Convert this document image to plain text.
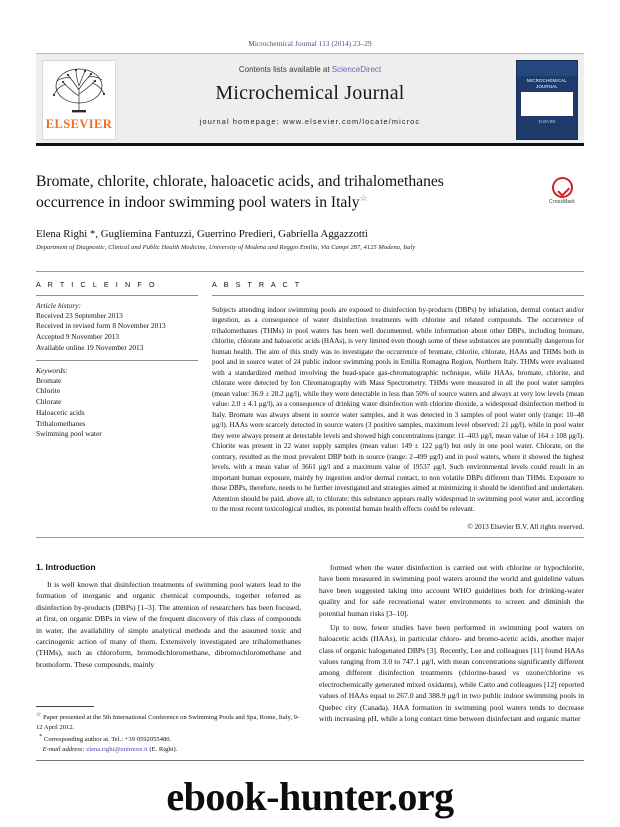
Microchemical Journal 113 (2014) 23–29
ELSEVIER
Contents lists available at ScienceDirect
Microchemical Journal
journal homepage: www.elsevier.com/locate/microc
MICROCHEMICAL JOURNAL
ELSEVIER
Bromate, chlorite, chlorate, haloacetic acids, and trihalomethanes
occurrence in indoor swimming pool waters in Italy☆	CrossMark
Elena Righi *, Gugliemina Fantuzzi, Guerrino Predieri, Gabriella Aggazzotti
Department of Diagnostic, Clinical and Public Health Medicine, University of Modena and Reggio Emilia, Via Campi 287, 4125 Modena, Italy
A R T I C L E I N F O
Article history:
Received 23 September 2013
Received in revised form 8 November 2013
Accepted 9 November 2013
Available online 19 November 2013
Keywords:
Bromate
Chlorite
Chlorate
Haloacetic acids
Trihalomethanes
Swimming pool water
A B S T R A C T
Subjects attending indoor swimming pools are exposed to disinfection by-products (DBPs) by inhalation, dermal contact and/or ingestion, as a consequence of water disinfection treatments with chlorine and related compounds. The occurrence of trihalomethanes (THMs) in pool waters has been well documented, while information about other DBPs, including bromate, chlorite, chlorate and haloacetic acids (HAAs), is very limited even though some of these substances are potentially dangerous for human health. The aim of this study was to investigate the occurrence of bromate, chlorite, chlorate, HAAs and THMs both in pool and in source water of 24 public indoor swimming pools in Emilia Romagna Region, Northern Italy. THMs were evaluated with a standardized method involving the head-space gas-chromatographic technique, while HAAs, bromate, chlorite, and chlorate were detected by Ion Chromatography with Mass Spectrometry. THMs were measured in all the pool water samples (mean value: 36.9 ± 28.2 μg/l), while they were detectable in less than 50% of source waters and always at very low levels (mean value: 2.0 ± 4.1 μg/l), as a consequence of drinking water disinfection with chlorine dioxide, a widespread disinfection method in Italy. Bromate was always absent in source water samples, and it was detected in 3 samples of pool water only (range: 10–48 μg/l). HAAs were scarcely detected in source waters (3 positive samples, maximum level observed: 21 μg/l), while in pool water they were always present at detectable levels and showed high concentrations (range: 11–403 μg/l, mean value of 164 ± 108 μg/l). Chlorite was present in 22 water supply samples (mean value: 149 ± 122 μg/l) but only in one pool water. Chlorate, on the contrary, resulted as the most prevalent DBP both in source (range: 2–499 μg/l) and in pool waters, where it showed the highest levels, with a mean value of 3661 μg/l and a maximum value of 19537 μg/l. Such environmental levels could result in an important human exposure, mainly by ingestion and/or dermal contact, to non volatile DBPs different than THMs. Exposure to those DBPs, therefore, needs to be further investigated and strategies aimed at minimizing it should be identified and undertaken. Attention should be paid, above all, to chlorate: this substance appears really widespread in swimming pool water and, according to the most recent toxicological studies, its potential human health effects could be relevant.
© 2013 Elsevier B.V. All rights reserved.
1. Introduction

It is well known that disinfection treatments of swimming pool waters lead to the formation of inorganic and organic chemical compounds, together referred as disinfection by-products (DBPs) [1–3]. The attention of researchers has been focused, at first, on organic DBPs in view of the frequent discovery of this class of compounds in water, the availability of simple analytical methods and the assumed toxic and carcinogenic action of many of them. Extensively investigated are trihalomethanes (THMs), such as chloroform, bromodichloromethane, dibromochloromethane and bromoform. These compounds, mainly

formed when the water disinfection is carried out with chlorine or hypochlorite, have been measured in swimming pool waters around the world and guideline values have been suggested taking into account WHO guidelines both for drinking-water quality and for safe recreational water environments to screen and diminish the potential human risks [3–10].

Up to now, fewer studies have been performed in swimming pool waters on haloacetic acids (HAAs), in particular chloro- and bromo-acetic acids, another major class of organic halogenated DBPs [3]. Recently, Lee and colleagues [11] found HAAs values ranging from 3.0 to 747.1 μg/l, with mean concentrations significantly different among different disinfection treatments (chlorine-based vs ozone/chlorine vs electrochemically generated mixed oxidants), while Catto and colleagues [12] reported values of HAAs equal to 267.0 and 388.9 μg/l in two public indoor swimming pools in Quebec city (Canada). HAA formation in swimming pool waters tends to decrease with increasing pH, while a long contact time between disinfectant and organic matter

☆ Paper presented at the 5th International Conference on Swimming Pools and Spa, Rome, Italy, 9-12 April 2012.
* Corresponding author at. Tel.: +39 0592055480.
E-mail address: elena.righi@unimore.it (E. Righi).
ebook-hunter.org
